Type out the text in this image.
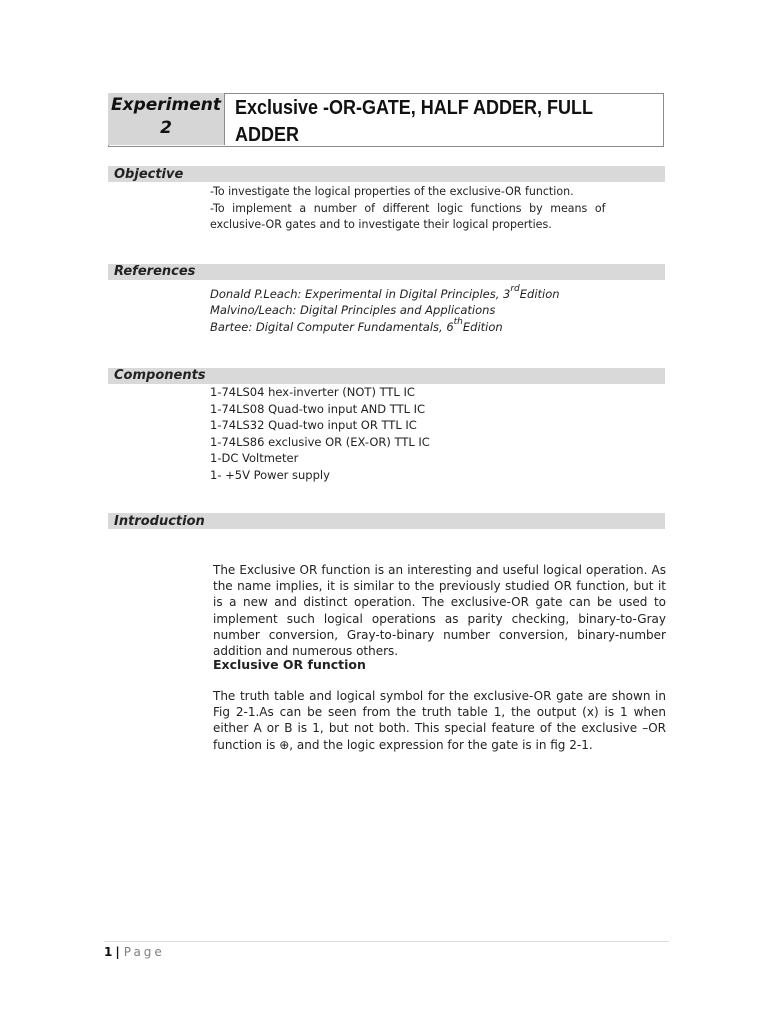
Experiment
2
Exclusive -OR-GATE, HALF ADDER, FULL
ADDER
Objective
-To investigate the logical properties of the exclusive-OR function.
-To implement a number of different logic functions by means of exclusive-OR gates and to investigate their logical properties.
References
Donald P.Leach: Experimental in Digital Principles, 3rdEdition
Malvino/Leach: Digital Principles and Applications
Bartee: Digital Computer Fundamentals, 6thEdition
Components
1-74LS04 hex-inverter (NOT) TTL IC
1-74LS08 Quad-two input AND TTL IC
1-74LS32 Quad-two input OR TTL IC
1-74LS86 exclusive OR (EX-OR) TTL IC
1-DC Voltmeter
1- +5V Power supply
Introduction
The Exclusive OR function is an interesting and useful logical operation. As the name implies, it is similar to the previously studied OR function, but it is a new and distinct operation. The exclusive-OR gate can be used to implement such logical operations as parity checking, binary-to-Gray number conversion, Gray-to-binary number conversion, binary-number addition and numerous others.
Exclusive OR function
The truth table and logical symbol for the exclusive-OR gate are shown in Fig 2-1.As can be seen from the truth table 1, the output (x) is 1 when either A or B is 1, but not both. This special feature of the exclusive –OR function is ⊕, and the logic expression for the gate is in fig 2-1.
1 | Page
